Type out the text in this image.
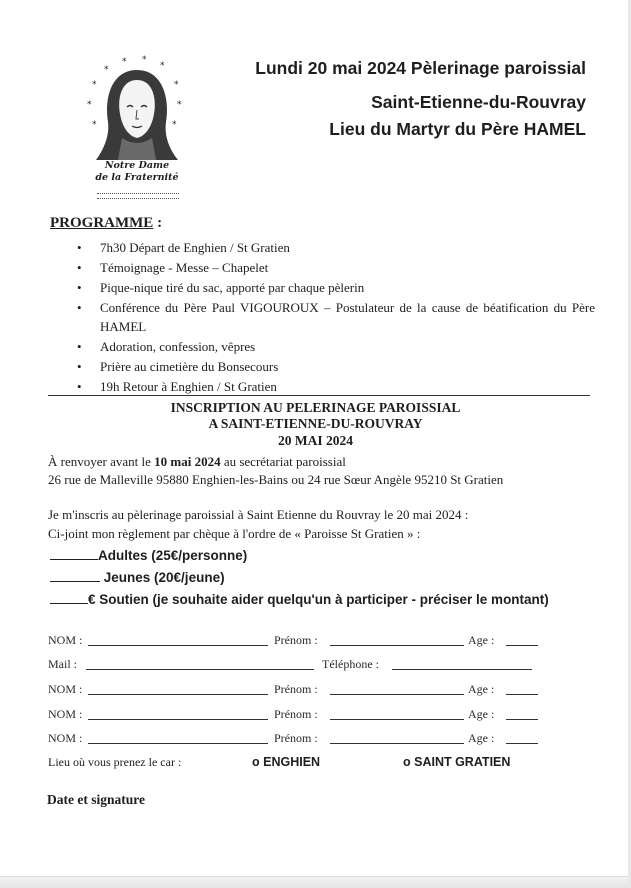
*
* *
*
*	*
*	*
*	*
Notre Dame
de la Fraternité
Lundi 20 mai 2024 Pèlerinage paroissial
Saint-Etienne-du-Rouvray
Lieu du Martyr du Père HAMEL
PROGRAMME :
• 7h30 Départ de Enghien / St Gratien
• Témoignage - Messe – Chapelet
• Pique-nique tiré du sac, apporté par chaque pèlerin
• Conférence du Père Paul VIGOUROUX – Postulateur de la cause de béatification du Père HAMEL
• Adoration, confession, vêpres
• Prière au cimetière du Bonsecours
• 19h Retour à Enghien / St Gratien
INSCRIPTION AU PELERINAGE PAROISSIAL
A SAINT-ETIENNE-DU-ROUVRAY
20 MAI 2024
À renvoyer avant le 10 mai 2024 au secrétariat paroissial
26 rue de Malleville 95880 Enghien-les-Bains ou 24 rue Sœur Angèle 95210 St Gratien
Je m'inscris au pèlerinage paroissial à Saint Etienne du Rouvray le 20 mai 2024 :
Ci-joint mon règlement par chèque à l'ordre de « Paroisse St Gratien » :
Adultes (25€/personne)
Jeunes (20€/jeune)
€ Soutien (je souhaite aider quelqu'un à participer - préciser le montant)
NOM :	Prénom :	Age :
Mail :	Téléphone :
NOM :	Prénom :	Age :
NOM :	Prénom :	Age :
NOM :	Prénom :	Age :
Lieu où vous prenez le car :	o ENGHIEN	o SAINT GRATIEN
Date et signature
